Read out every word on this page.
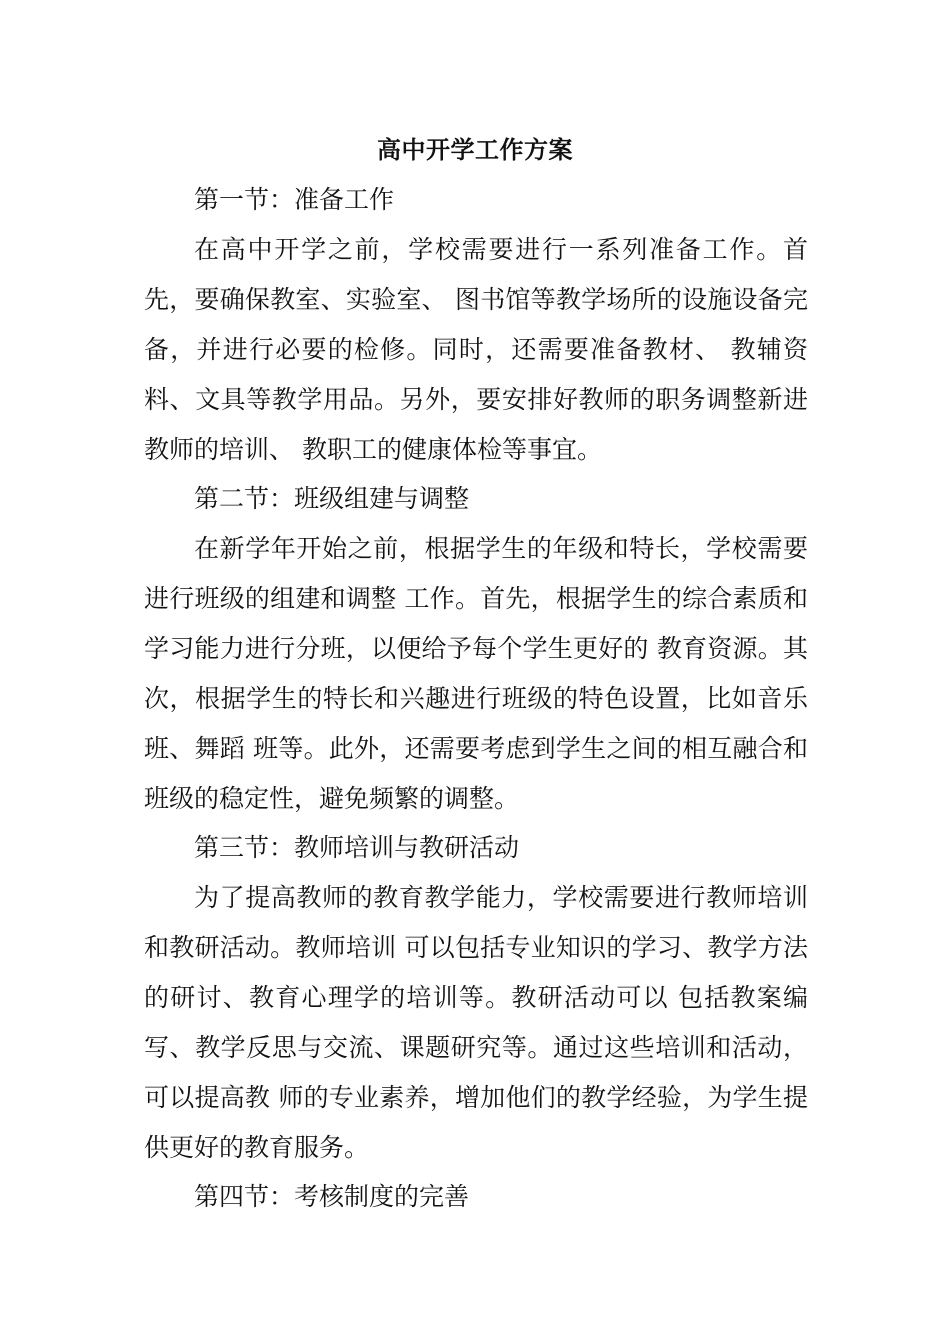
高中开学工作方案
第一节：准备工作
在高中开学之前，学校需要进行一系列准备工作。首先，要确保教室、实验室、 图书馆等教学场所的设施设备完备，并进行必要的检修。同时，还需要准备教材、 教辅资料、文具等教学用品。另外，要安排好教师的职务调整新进教师的培训、 教职工的健康体检等事宜。
第二节：班级组建与调整
在新学年开始之前，根据学生的年级和特长，学校需要进行班级的组建和调整 工作。首先，根据学生的综合素质和学习能力进行分班，以便给予每个学生更好的 教育资源。其次，根据学生的特长和兴趣进行班级的特色设置，比如音乐班、舞蹈 班等。此外，还需要考虑到学生之间的相互融合和班级的稳定性，避免频繁的调整。
第三节：教师培训与教研活动
为了提高教师的教育教学能力，学校需要进行教师培训和教研活动。教师培训 可以包括专业知识的学习、教学方法的研讨、教育心理学的培训等。教研活动可以 包括教案编写、教学反思与交流、课题研究等。通过这些培训和活动，可以提高教 师的专业素养，增加他们的教学经验，为学生提供更好的教育服务。
第四节：考核制度的完善
